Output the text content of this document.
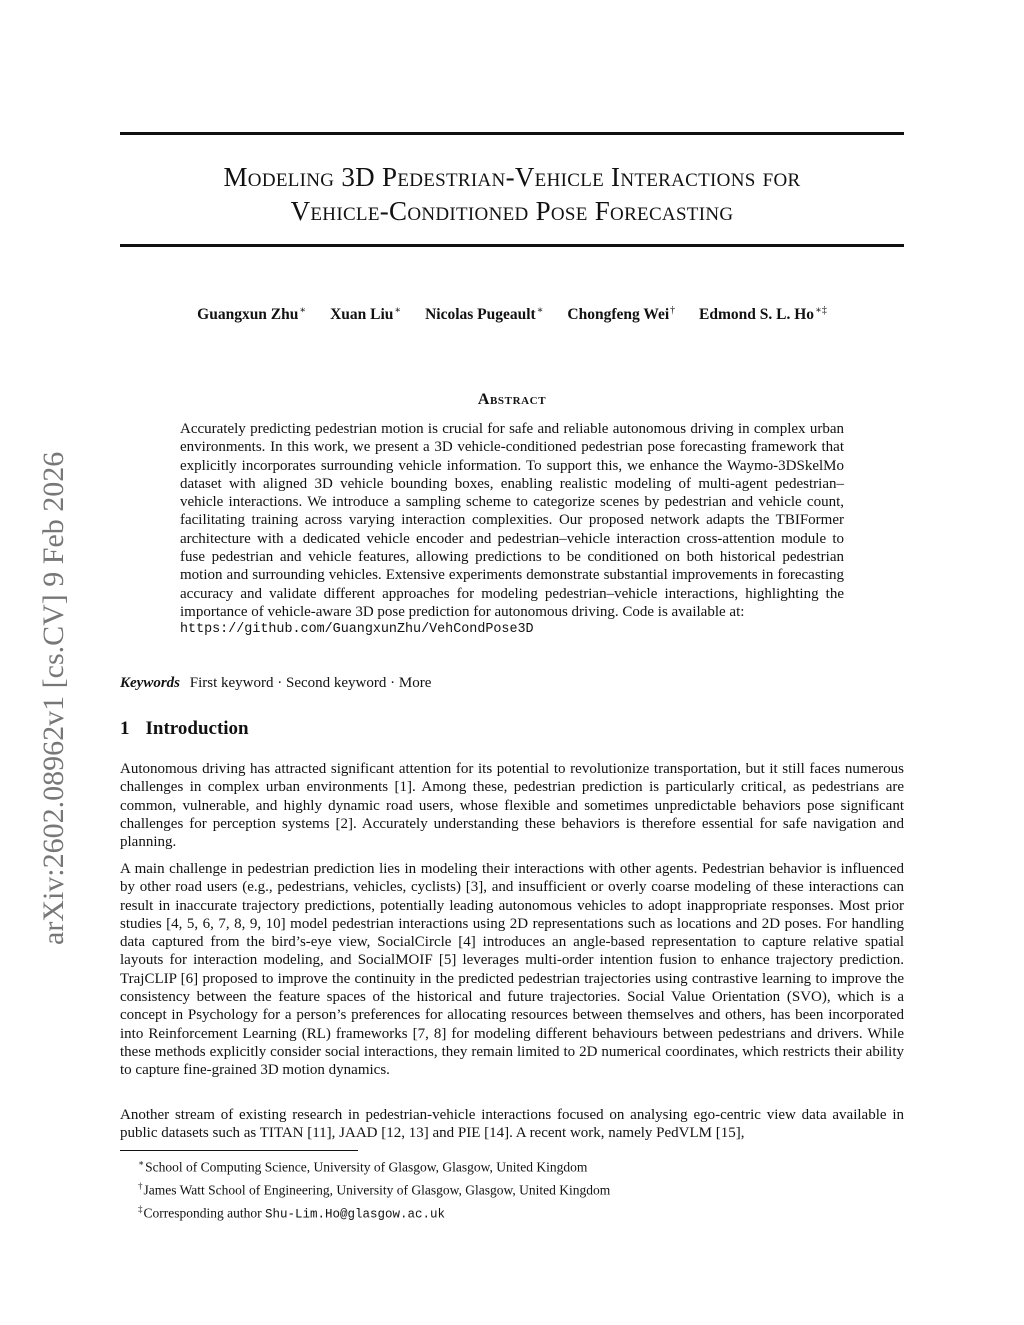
arXiv:2602.08962v1 [cs.CV] 9 Feb 2026
Modeling 3D Pedestrian-Vehicle Interactions for
Vehicle-Conditioned Pose Forecasting
Guangxun Zhu∗ Xuan Liu∗ Nicolas Pugeault∗ Chongfeng Wei† Edmond S. L. Ho∗‡
Abstract

Accurately predicting pedestrian motion is crucial for safe and reliable autonomous driving in complex urban environments. In this work, we present a 3D vehicle-conditioned pedestrian pose forecasting framework that explicitly incorporates surrounding vehicle information. To support this, we enhance the Waymo-3DSkelMo dataset with aligned 3D vehicle bounding boxes, enabling realistic modeling of multi-agent pedestrian–vehicle interactions. We introduce a sampling scheme to categorize scenes by pedestrian and vehicle count, facilitating training across varying interaction complexities. Our proposed network adapts the TBIFormer architecture with a dedicated vehicle encoder and pedestrian–vehicle interaction cross-attention module to fuse pedestrian and vehicle features, allowing predictions to be conditioned on both historical pedestrian motion and surrounding vehicles. Extensive experiments demonstrate substantial improvements in forecasting accuracy and validate different approaches for modeling pedestrian–vehicle interactions, highlighting the importance of vehicle-aware 3D pose prediction for autonomous driving. Code is available at:
https://github.com/GuangxunZhu/VehCondPose3D

Keywords First keyword · Second keyword · More
1 Introduction

Autonomous driving has attracted significant attention for its potential to revolutionize transportation, but it still faces numerous challenges in complex urban environments [1]. Among these, pedestrian prediction is particularly critical, as pedestrians are common, vulnerable, and highly dynamic road users, whose flexible and sometimes unpredictable behaviors pose significant challenges for perception systems [2]. Accurately understanding these behaviors is therefore essential for safe navigation and planning.

A main challenge in pedestrian prediction lies in modeling their interactions with other agents. Pedestrian behavior is influenced by other road users (e.g., pedestrians, vehicles, cyclists) [3], and insufficient or overly coarse modeling of these interactions can result in inaccurate trajectory predictions, potentially leading autonomous vehicles to adopt inappropriate responses. Most prior studies [4, 5, 6, 7, 8, 9, 10] model pedestrian interactions using 2D representations such as locations and 2D poses. For handling data captured from the bird’s-eye view, SocialCircle [4] introduces an angle-based representation to capture relative spatial layouts for interaction modeling, and SocialMOIF [5] leverages multi-order intention fusion to enhance trajectory prediction. TrajCLIP [6] proposed to improve the continuity in the predicted pedestrian trajectories using contrastive learning to improve the consistency between the feature spaces of the historical and future trajectories. Social Value Orientation (SVO), which is a concept in Psychology for a person’s preferences for allocating resources between themselves and others, has been incorporated into Reinforcement Learning (RL) frameworks [7, 8] for modeling different behaviours between pedestrians and drivers. While these methods explicitly consider social interactions, they remain limited to 2D numerical coordinates, which restricts their ability to capture fine-grained 3D motion dynamics.

Another stream of existing research in pedestrian-vehicle interactions focused on analysing ego-centric view data available in public datasets such as TITAN [11], JAAD [12, 13] and PIE [14]. A recent work, namely PedVLM [15],

∗School of Computing Science, University of Glasgow, Glasgow, United Kingdom
†James Watt School of Engineering, University of Glasgow, Glasgow, United Kingdom
‡Corresponding author Shu-Lim.Ho@glasgow.ac.uk
